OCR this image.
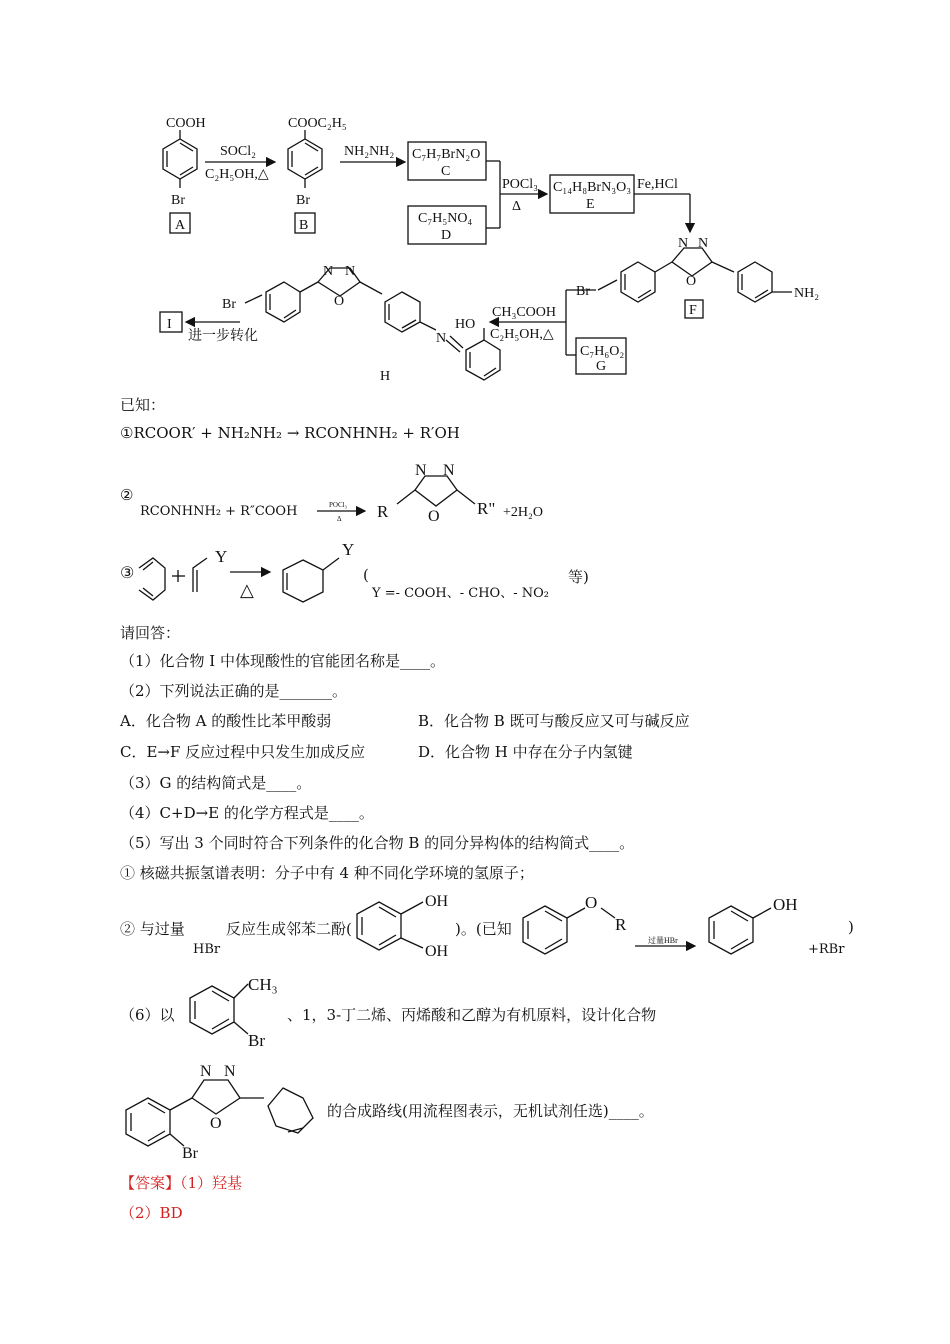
COOH
Br
A
SOCl₂
C₂H₅OH,△
COOC₂H₅
Br
B
NH₂NH₂ C₇H₇BrN₂O
C
C₇H₅NO₄
D
POCl₃
Δ
C₁₄H₈BrN₃O₃
E
Fe,HCl
Br
N N
O
NH₂
F
CH₃COOH
C₂H₅OH,△
C₇H₆O₂
G
Br
N N
O
N
HO
H
I
进一步转化
已知：
①RCOOR′ + NH₂NH₂ → RCONHNH₂ + R′OH
②
RCONHNH₂ + R″COOH	POCl₃
Δ
N N
O
R	R" +2H₂O
③
Y
△
Y
(
Y =- COOH、- CHO、- NO₂
等)
请回答：
（1）化合物 I 中体现酸性的官能团名称是____。
（2）下列说法正确的是_______。
A．化合物 A 的酸性比苯甲酸弱	B．化合物 B 既可与酸反应又可与碱反应
C．E→F 反应过程中只发生加成反应	D．化合物 H 中存在分子内氢键
（3）G 的结构简式是____。
（4）C+D→E 的化学方程式是____。
（5）写出 3 个同时符合下列条件的化合物 B 的同分异构体的结构简式____。
① 核磁共振氢谱表明：分子中有 4 种不同化学环境的氢原子；
② 与过量
HBr
反应生成邻苯二酚(
OH
OH
)。(已知
O
R
过量HBr
OH
)
+RBr
（6）以
CH₃
Br
、1，3-丁二烯、丙烯酸和乙醇为有机原料，设计化合物
N N
O
Br
的合成路线(用流程图表示，无机试剂任选)____。
【答案】（1）羟基
（2）BD
